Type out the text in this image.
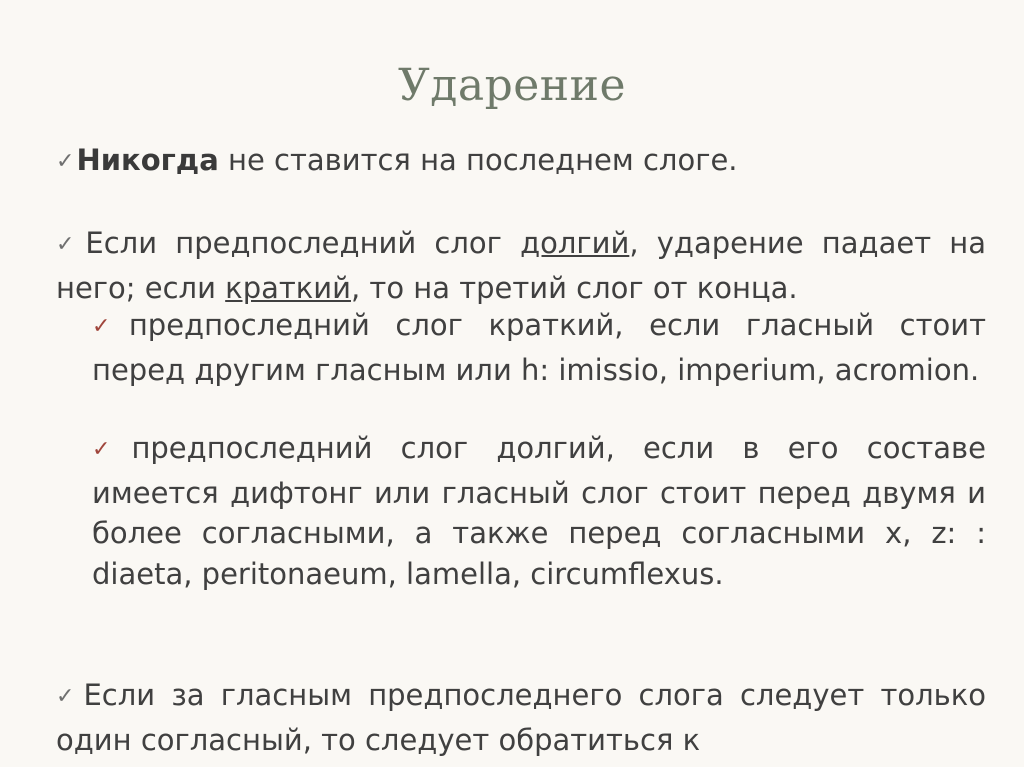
Ударение
✓Никогда не ставится на последнем слоге.
✓Если предпоследний слог долгий, ударение падает на него; если краткий, то на третий слог от конца.
✓предпоследний слог краткий, если гласный стоит перед другим гласным или h: imissio, imperium, acromion.
✓предпоследний слог долгий, если в его составе имеется дифтонг или гласный слог стоит перед двумя и более согласными, а также перед согласными x, z: : diaeta, peritonaeum, lamella, circumflexus.
✓Если за гласным предпоследнего слога следует только один согласный, то следует обратиться к
